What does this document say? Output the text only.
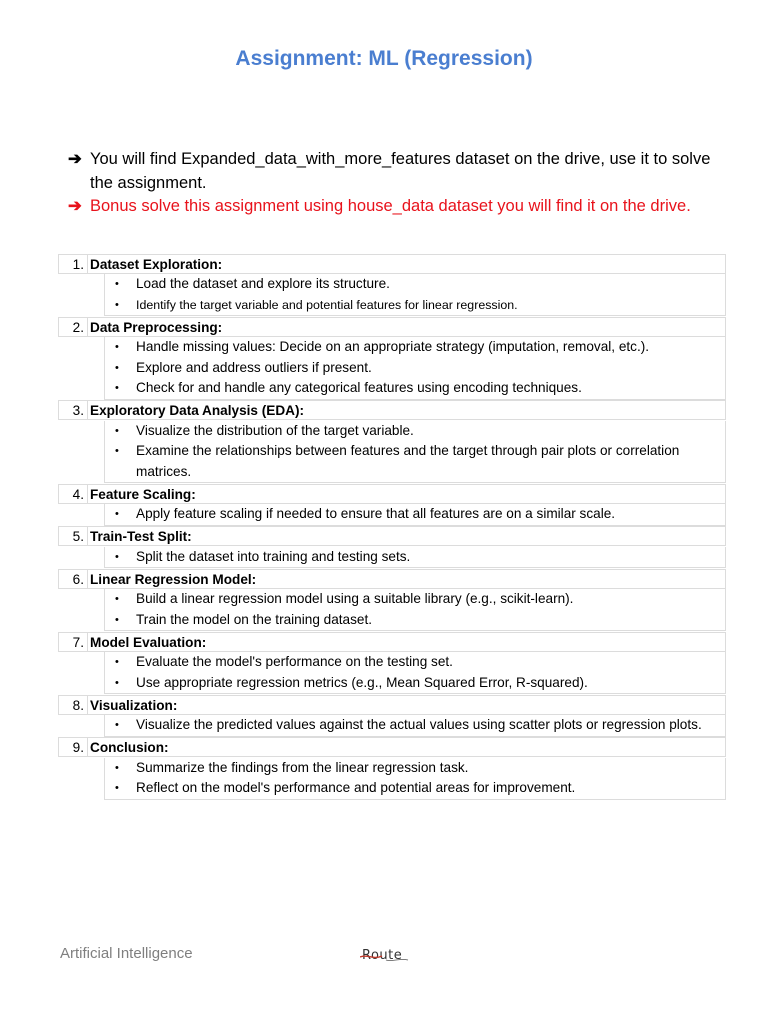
Assignment: ML (Regression)
➔ You will find Expanded_data_with_more_features dataset on the drive, use it to solve the assignment.
➔ Bonus solve this assignment using house_data dataset you will find it on the drive.
1. Dataset Exploration:
• Load the dataset and explore its structure.
• Identify the target variable and potential features for linear regression.
2. Data Preprocessing:
• Handle missing values: Decide on an appropriate strategy (imputation, removal, etc.).
• Explore and address outliers if present.
• Check for and handle any categorical features using encoding techniques.
3. Exploratory Data Analysis (EDA):
• Visualize the distribution of the target variable.
• Examine the relationships between features and the target through pair plots or correlation matrices.
4. Feature Scaling:
• Apply feature scaling if needed to ensure that all features are on a similar scale.
5. Train-Test Split:
• Split the dataset into training and testing sets.
6. Linear Regression Model:
• Build a linear regression model using a suitable library (e.g., scikit-learn).
• Train the model on the training dataset.
7. Model Evaluation:
• Evaluate the model's performance on the testing set.
• Use appropriate regression metrics (e.g., Mean Squared Error, R-squared).
8. Visualization:
• Visualize the predicted values against the actual values using scatter plots or regression plots.
9. Conclusion:
• Summarize the findings from the linear regression task.
• Reflect on the model's performance and potential areas for improvement.
Artificial Intelligence	Route
